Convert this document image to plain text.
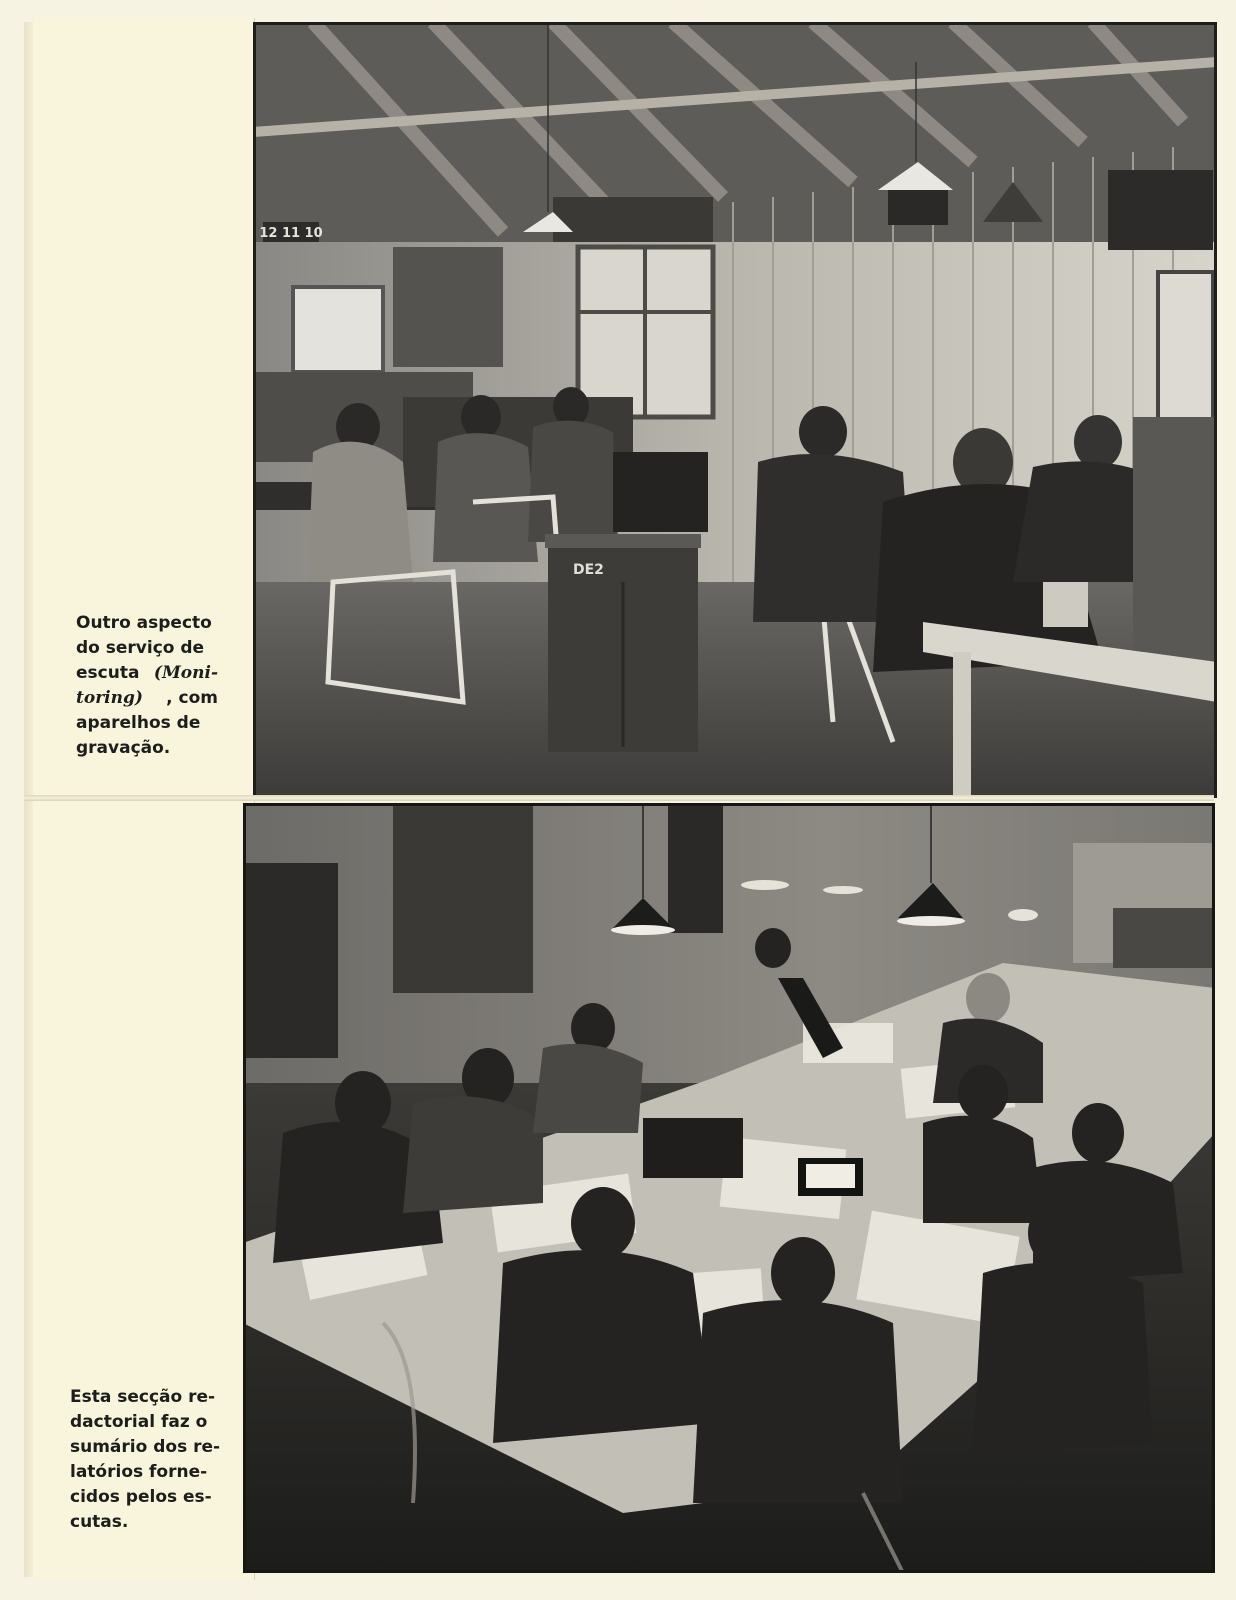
12 11 10
DE2

Outro aspecto
do serviço de
escuta (Moni-
toring) , com
aparelhos de
gravação.

Esta secção re-
dactorial faz o
sumário dos re-
latórios forne-
cidos pelos es-
cutas.
